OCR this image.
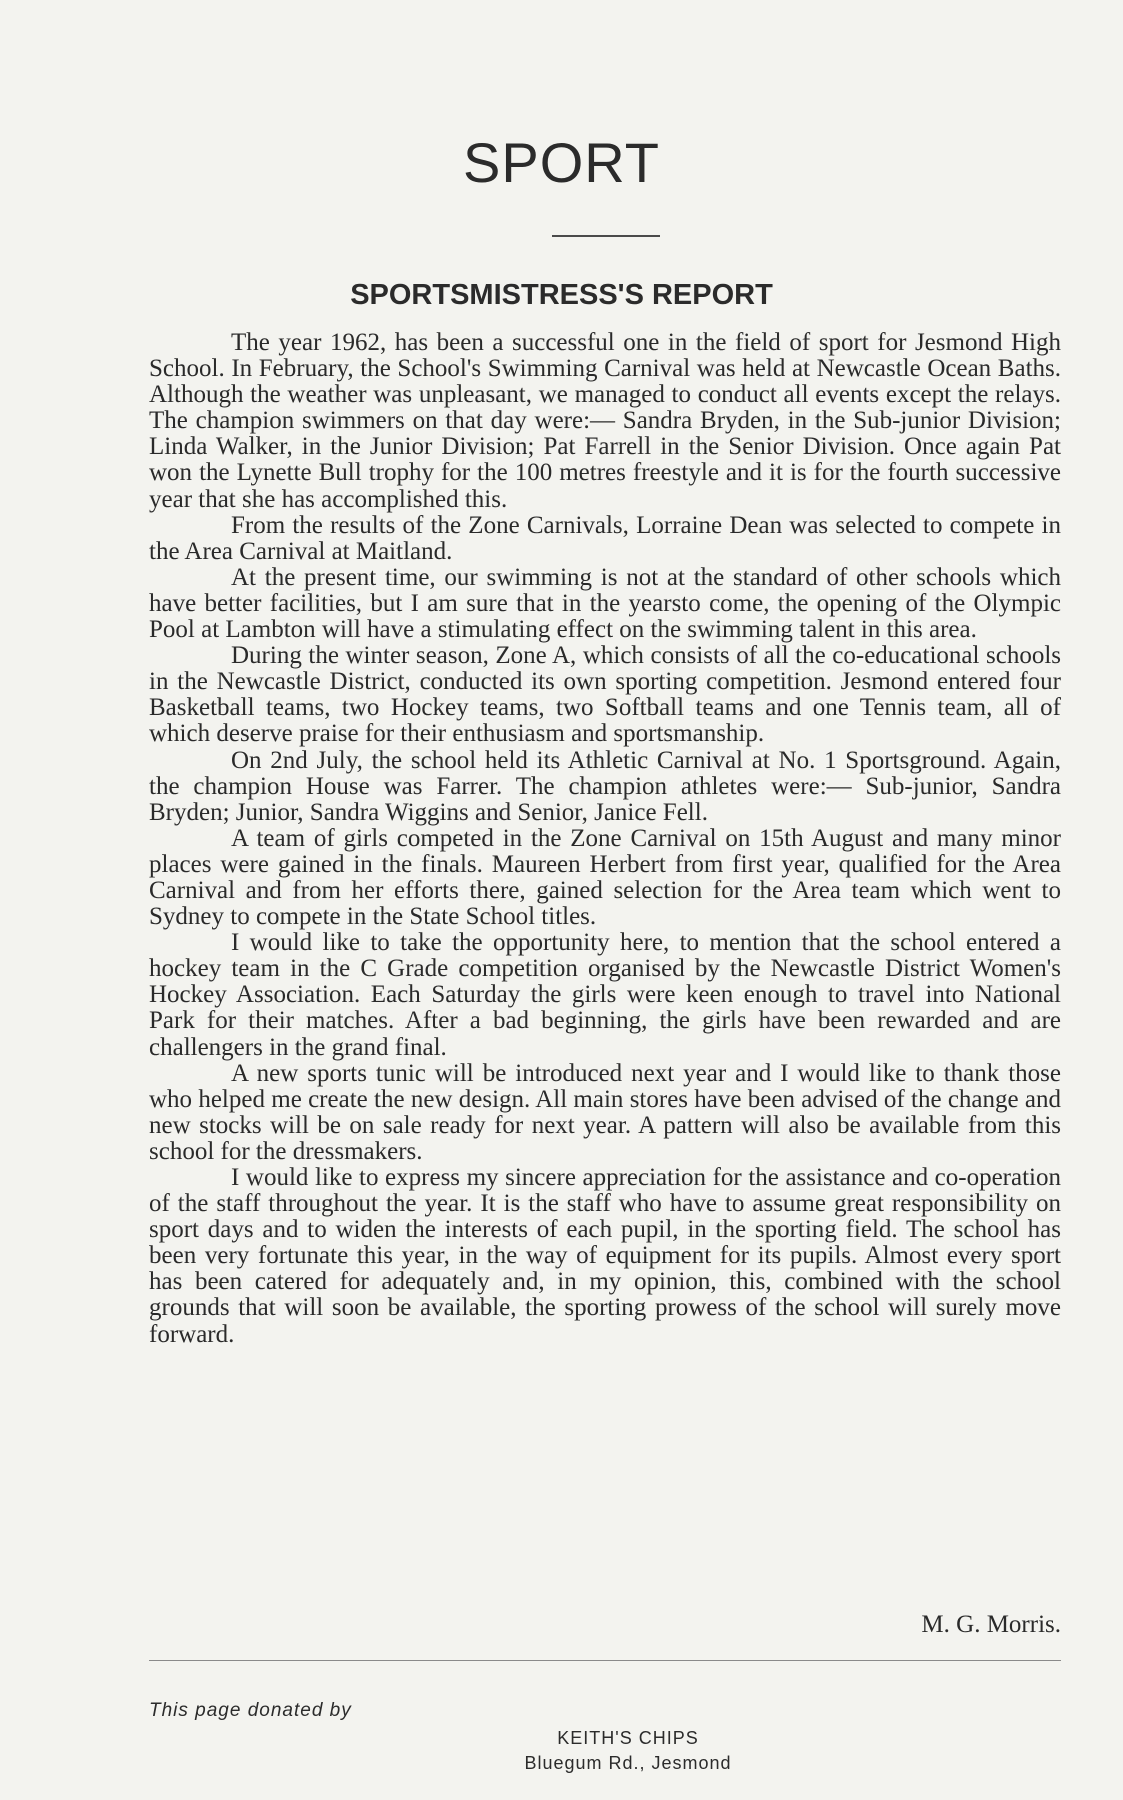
SPORT
SPORTSMISTRESS'S REPORT

The year 1962, has been a successful one in the field of sport for Jesmond High School. In February, the School's Swimming Carnival was held at Newcastle Ocean Baths. Although the weather was unpleasant, we managed to conduct all events except the relays. The champion swimmers on that day were:— Sandra Bryden, in the Sub-junior Division; Linda Walker, in the Junior Division; Pat Farrell in the Senior Division. Once again Pat won the Lynette Bull trophy for the 100 metres freestyle and it is for the fourth successive year that she has accomplished this.

From the results of the Zone Carnivals, Lorraine Dean was selected to compete in the Area Carnival at Maitland.

At the present time, our swimming is not at the standard of other schools which have better facilities, but I am sure that in the yearsto come, the opening of the Olympic Pool at Lambton will have a stimulating effect on the swimming talent in this area.

During the winter season, Zone A, which consists of all the co-educational schools in the Newcastle District, conducted its own sporting competition. Jesmond entered four Basketball teams, two Hockey teams, two Softball teams and one Tennis team, all of which deserve praise for their enthusiasm and sportsmanship.

On 2nd July, the school held its Athletic Carnival at No. 1 Sportsground. Again, the champion House was Farrer. The champion athletes were:— Sub-junior, Sandra Bryden; Junior, Sandra Wiggins and Senior, Janice Fell.

A team of girls competed in the Zone Carnival on 15th August and many minor places were gained in the finals. Maureen Herbert from first year, qualified for the Area Carnival and from her efforts there, gained selection for the Area team which went to Sydney to compete in the State School titles.

I would like to take the opportunity here, to mention that the school entered a hockey team in the C Grade competition organised by the Newcastle District Women's Hockey Association. Each Saturday the girls were keen enough to travel into National Park for their matches. After a bad beginning, the girls have been rewarded and are challengers in the grand final.

A new sports tunic will be introduced next year and I would like to thank those who helped me create the new design. All main stores have been advised of the change and new stocks will be on sale ready for next year. A pattern will also be available from this school for the dressmakers.

I would like to express my sincere appreciation for the assistance and co-operation of the staff throughout the year. It is the staff who have to assume great responsibility on sport days and to widen the interests of each pupil, in the sporting field. The school has been very fortunate this year, in the way of equipment for its pupils. Almost every sport has been catered for adequately and, in my opinion, this, combined with the school grounds that will soon be available, the sporting prowess of the school will surely move forward.

M. G. Morris.
This page donated by
KEITH'S CHIPS
Bluegum Rd., Jesmond
